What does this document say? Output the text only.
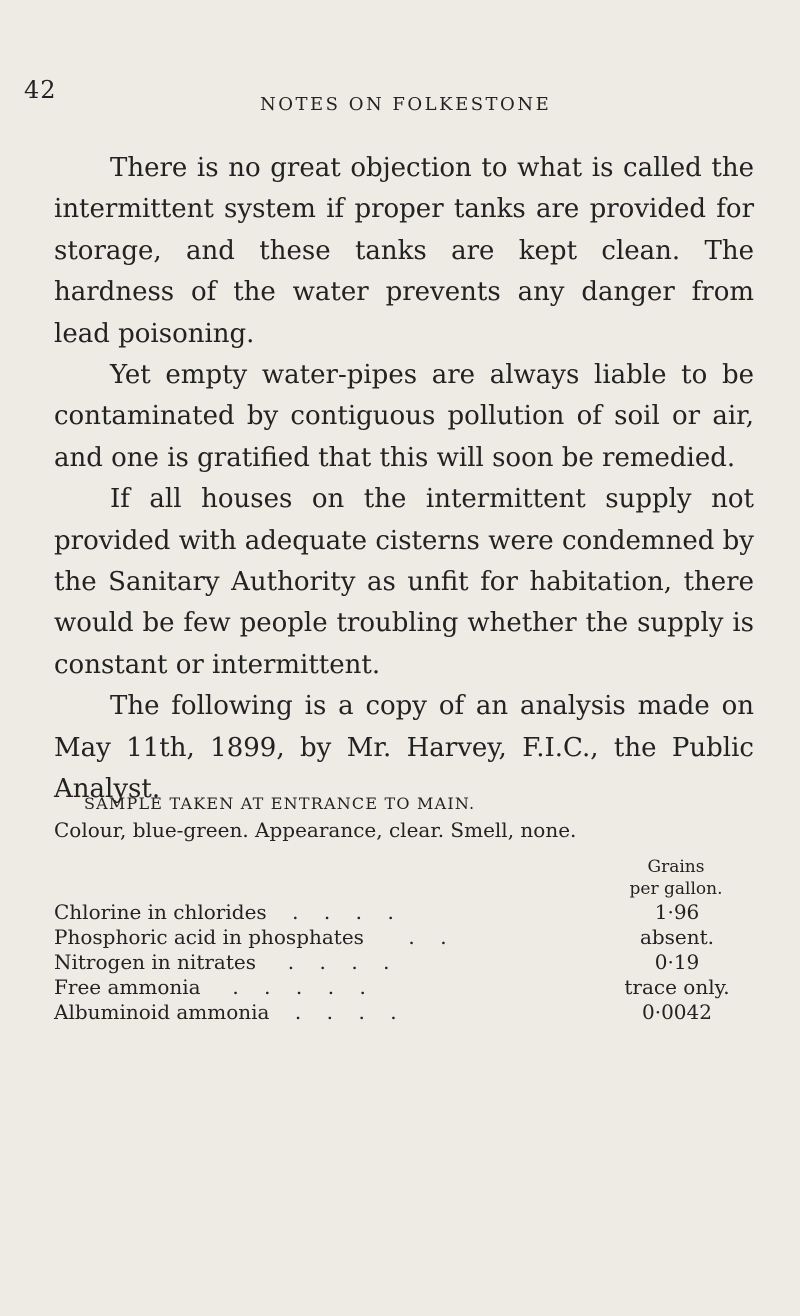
42
NOTES ON FOLKESTONE

There is no great objection to what is called the intermittent system if proper tanks are provided for storage, and these tanks are kept clean. The hardness of the water prevents any danger from lead poisoning.

Yet empty water-pipes are always liable to be contaminated by contiguous pollution of soil or air, and one is gratified that this will soon be remedied.

If all houses on the intermittent supply not provided with adequate cisterns were condemned by the Sanitary Authority as unfit for habitation, there would be few people troubling whether the supply is constant or intermittent.

The following is a copy of an analysis made on May 11th, 1899, by Mr. Harvey, F.I.C., the Public Analyst.

SAMPLE TAKEN AT ENTRANCE TO MAIN.
Colour, blue-green. Appearance, clear. Smell, none.
Grains
per gallon.
Chlorine in chlorides    .    .    .    .	1·96
Phosphoric acid in phosphates       .    .	absent.
Nitrogen in nitrates     .    .    .    .	0·19
Free ammonia     .    .    .    .    .	trace only.
Albuminoid ammonia    .    .    .    .	0·0042
